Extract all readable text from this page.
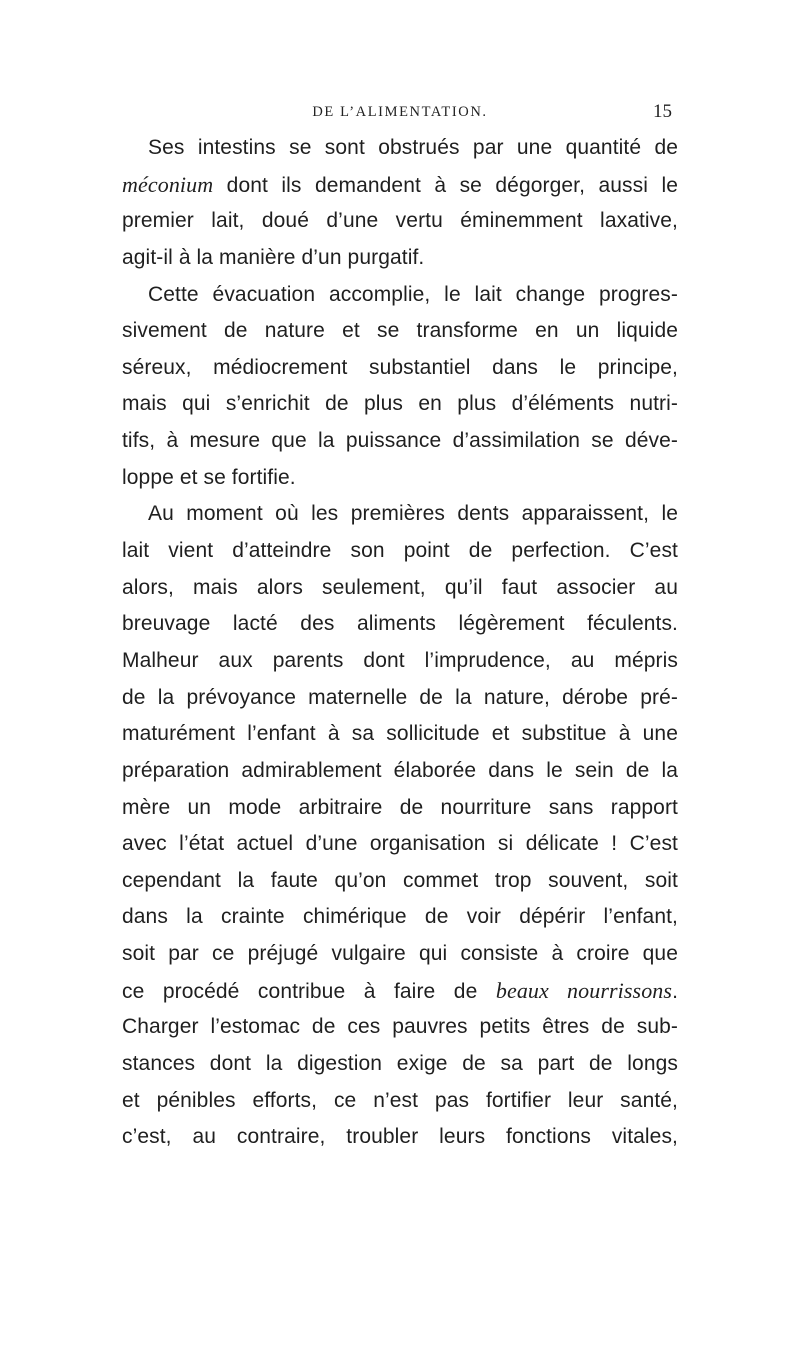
DE L’ALIMENTATION.	15
Ses intestins se sont obstrués par une quantité de
méconium dont ils demandent à se dégorger, aussi le
premier lait, doué d’une vertu éminemment laxative,
agit-il à la manière d’un purgatif.
Cette évacuation accomplie, le lait change progres-
sivement de nature et se transforme en un liquide
séreux, médiocrement substantiel dans le principe,
mais qui s’enrichit de plus en plus d’éléments nutri-
tifs, à mesure que la puissance d’assimilation se déve-
loppe et se fortifie.
Au moment où les premières dents apparaissent, le
lait vient d’atteindre son point de perfection. C’est
alors, mais alors seulement, qu’il faut associer au
breuvage lacté des aliments légèrement féculents.
Malheur aux parents dont l’imprudence, au mépris
de la prévoyance maternelle de la nature, dérobe pré-
maturément l’enfant à sa sollicitude et substitue à une
préparation admirablement élaborée dans le sein de la
mère un mode arbitraire de nourriture sans rapport
avec l’état actuel d’une organisation si délicate ! C’est
cependant la faute qu’on commet trop souvent, soit
dans la crainte chimérique de voir dépérir l’enfant,
soit par ce préjugé vulgaire qui consiste à croire que
ce procédé contribue à faire de beaux nourrissons.
Charger l’estomac de ces pauvres petits êtres de sub-
stances dont la digestion exige de sa part de longs
et pénibles efforts, ce n’est pas fortifier leur santé,
c’est, au contraire, troubler leurs fonctions vitales,
